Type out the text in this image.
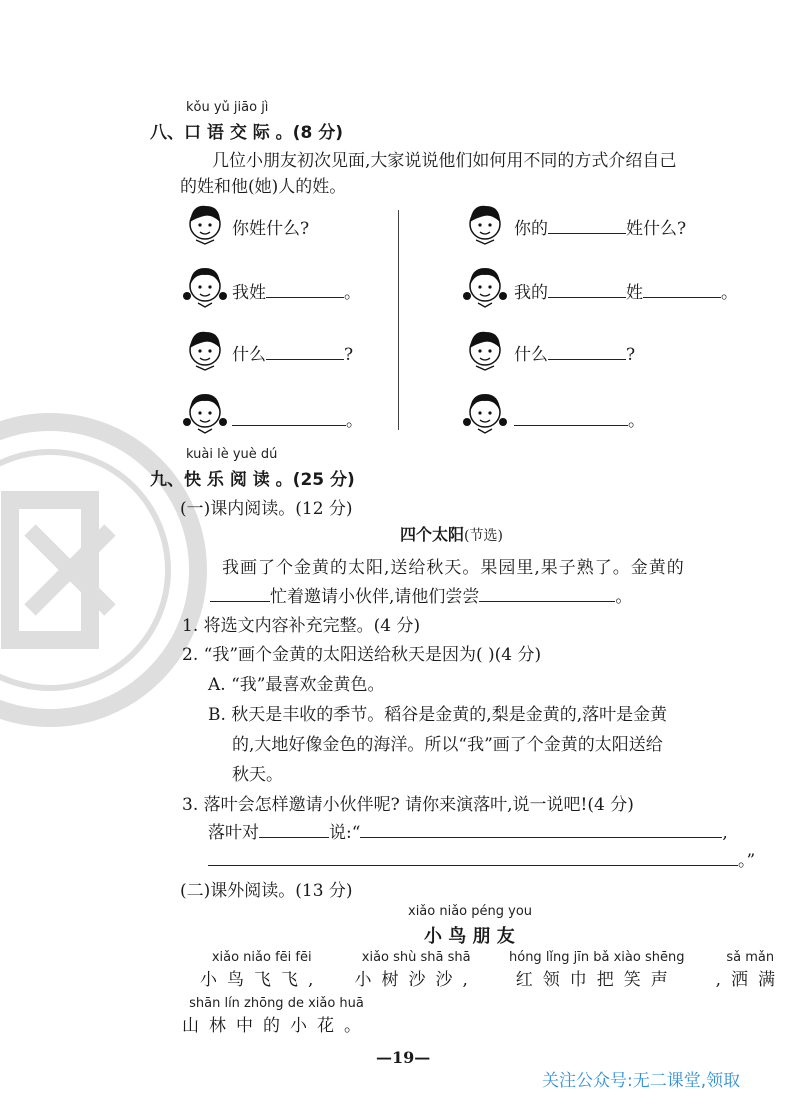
kǒu yǔ jiāo jì
八、口 语 交 际 。(8 分)
几位小朋友初次见面,大家说说他们如何用不同的方式介绍自己
的姓和他(她)人的姓。
你姓什么?
我姓	。
什么	?
。
你的	姓什么?
我的	姓	。
什么	?
。
kuài lè yuè dú
九、快 乐 阅 读 。(25 分)
(一)课内阅读。(12 分)
四个太阳(节选)
我画了个金黄的太阳,送给秋天。果园里,果子熟了。金黄的
忙着邀请小伙伴,请他们尝尝	。
1. 将选文内容补充完整。(4 分)
2. “我”画个金黄的太阳送给秋天是因为( )(4 分)
A. “我”最喜欢金黄色。
B. 秋天是丰收的季节。稻谷是金黄的,梨是金黄的,落叶是金黄
的,大地好像金色的海洋。所以“我”画了个金黄的太阳送给
秋天。
3. 落叶会怎样邀请小伙伴呢? 请你来演落叶,说一说吧!(4 分)
落叶对	说:“	,
。”
(二)课外阅读。(13 分)
xiǎo niǎo péng you
小 鸟 朋 友
xiǎo niǎo fēi fēi
小鸟飞飞,

xiǎo shù shā shā
小树沙沙,

hóng lǐng jīn bǎ xiào shēng
红领巾把笑声

sǎ mǎn
,洒满
shān lín zhōng de xiǎo huā
山林中的小花。
—19—
关注公众号:无二课堂,领取
